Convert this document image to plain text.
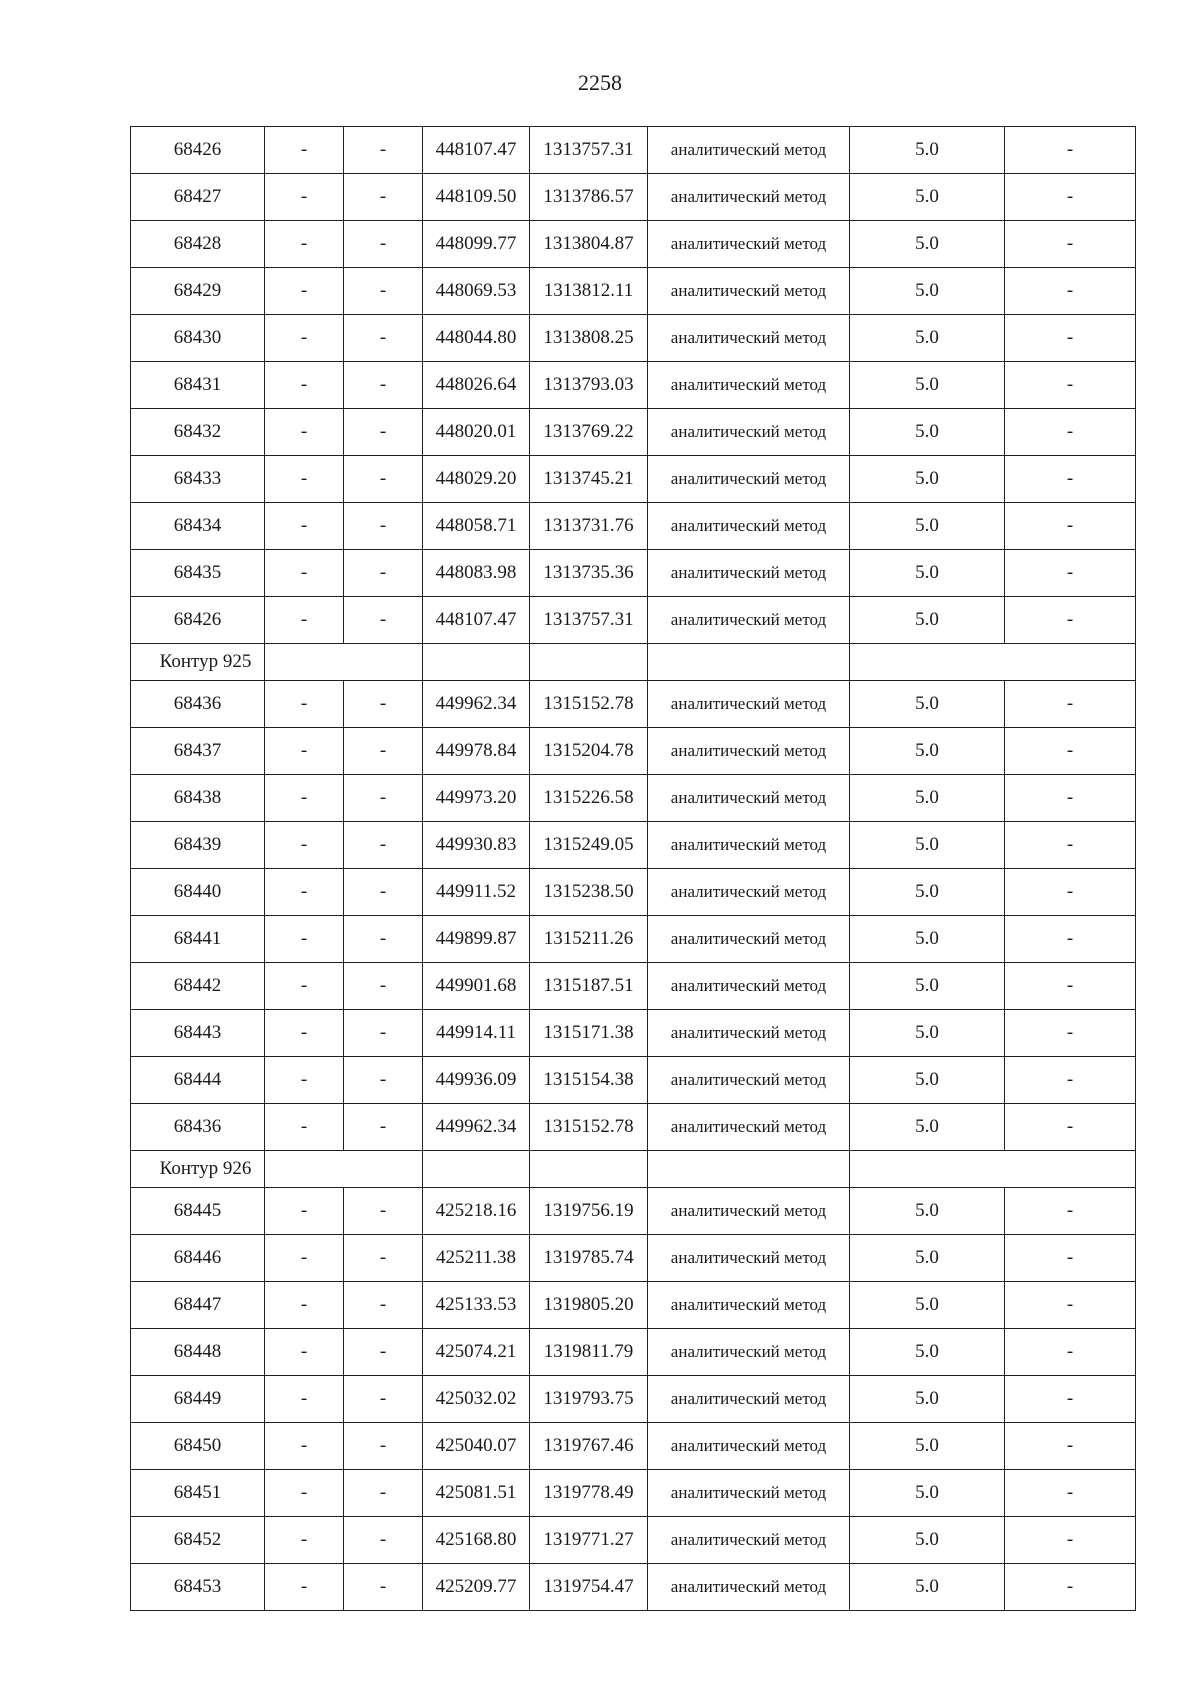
2258
68426	-	-	448107.47	1313757.31	аналитический метод	5.0	-
68427	-	-	448109.50	1313786.57	аналитический метод	5.0	-
68428	-	-	448099.77	1313804.87	аналитический метод	5.0	-
68429	-	-	448069.53	1313812.11	аналитический метод	5.0	-
68430	-	-	448044.80	1313808.25	аналитический метод	5.0	-
68431	-	-	448026.64	1313793.03	аналитический метод	5.0	-
68432	-	-	448020.01	1313769.22	аналитический метод	5.0	-
68433	-	-	448029.20	1313745.21	аналитический метод	5.0	-
68434	-	-	448058.71	1313731.76	аналитический метод	5.0	-
68435	-	-	448083.98	1313735.36	аналитический метод	5.0	-
68426	-	-	448107.47	1313757.31	аналитический метод	5.0	-
Контур 925							
68436	-	-	449962.34	1315152.78	аналитический метод	5.0	-
68437	-	-	449978.84	1315204.78	аналитический метод	5.0	-
68438	-	-	449973.20	1315226.58	аналитический метод	5.0	-
68439	-	-	449930.83	1315249.05	аналитический метод	5.0	-
68440	-	-	449911.52	1315238.50	аналитический метод	5.0	-
68441	-	-	449899.87	1315211.26	аналитический метод	5.0	-
68442	-	-	449901.68	1315187.51	аналитический метод	5.0	-
68443	-	-	449914.11	1315171.38	аналитический метод	5.0	-
68444	-	-	449936.09	1315154.38	аналитический метод	5.0	-
68436	-	-	449962.34	1315152.78	аналитический метод	5.0	-
Контур 926							
68445	-	-	425218.16	1319756.19	аналитический метод	5.0	-
68446	-	-	425211.38	1319785.74	аналитический метод	5.0	-
68447	-	-	425133.53	1319805.20	аналитический метод	5.0	-
68448	-	-	425074.21	1319811.79	аналитический метод	5.0	-
68449	-	-	425032.02	1319793.75	аналитический метод	5.0	-
68450	-	-	425040.07	1319767.46	аналитический метод	5.0	-
68451	-	-	425081.51	1319778.49	аналитический метод	5.0	-
68452	-	-	425168.80	1319771.27	аналитический метод	5.0	-
68453	-	-	425209.77	1319754.47	аналитический метод	5.0	-
